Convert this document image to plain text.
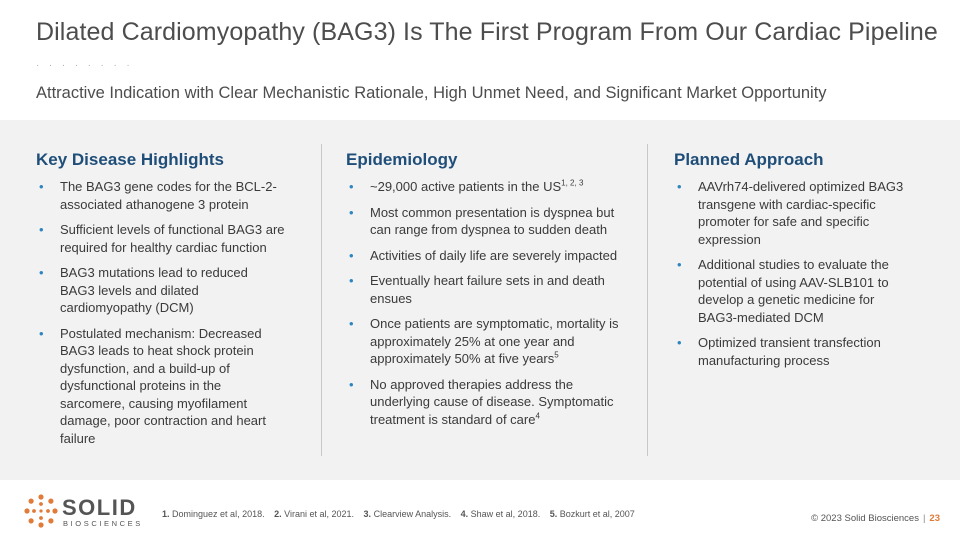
Dilated Cardiomyopathy (BAG3) Is The First Program From Our Cardiac Pipeline
· · · · · · · ·
Attractive Indication with Clear Mechanistic Rationale, High Unmet Need, and Significant Market Opportunity
Key Disease Highlights
• The BAG3 gene codes for the BCL-2-associated athanogene 3 protein
• Sufficient levels of functional BAG3 are required for healthy cardiac function
• BAG3 mutations lead to reduced BAG3 levels and dilated cardiomyopathy (DCM)
• Postulated mechanism: Decreased BAG3 leads to heat shock protein dysfunction, and a build-up of dysfunctional proteins in the sarcomere, causing myofilament damage, poor contraction and heart failure
Epidemiology
• ~29,000 active patients in the US$^{1, 2, 3}$
• Most common presentation is dyspnea but can range from dyspnea to sudden death
• Activities of daily life are severely impacted
• Eventually heart failure sets in and death ensues
• Once patients are symptomatic, mortality is approximately 25% at one year and approximately 50% at five years$^5$
• No approved therapies address the underlying cause of disease. Symptomatic treatment is standard of care$^4$
Planned Approach
• AAVrh74-delivered optimized BAG3 transgene with cardiac-specific promoter for safe and specific expression
• Additional studies to evaluate the potential of using AAV-SLB101 to develop a genetic medicine for BAG3-mediated DCM
• Optimized transient transfection manufacturing process
SOLID
BIOSCIENCES
1. Dominguez et al, 2018. 2. Virani et al, 2021. 3. Clearview Analysis. 4. Shaw et al, 2018. 5. Bozkurt et al, 2007	© 2023 Solid Biosciences | 23
